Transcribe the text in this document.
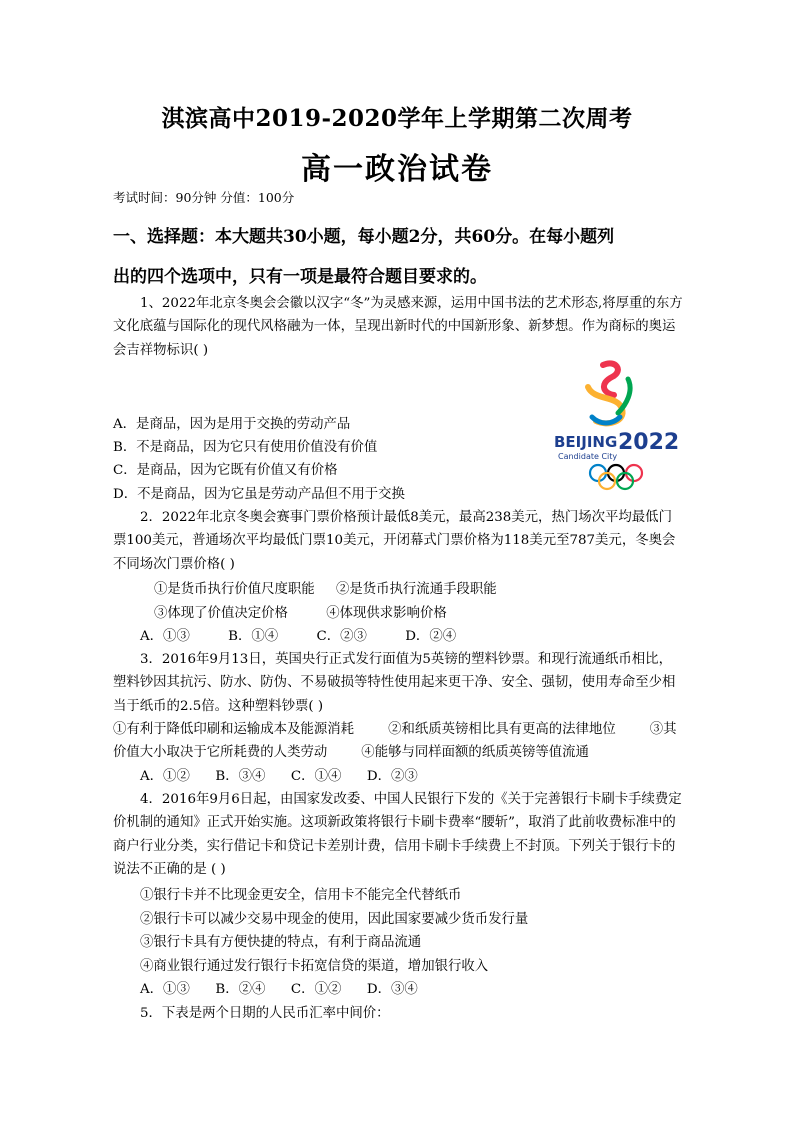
淇滨高中2019-2020学年上学期第二次周考
高一政治试卷
考试时间：90分钟 分值：100分
一、选择题：本大题共30小题，每小题2分，共60分。在每小题列
出的四个选项中，只有一项是最符合题目要求的。
1、2022年北京冬奥会会徽以汉字“冬”为灵感来源，运用中国书法的艺术形态,将厚重的东方文化底蕴与国际化的现代风格融为一体，呈现出新时代的中国新形象、新梦想。作为商标的奥运会吉祥物标识( )
A．是商品，因为是用于交换的劳动产品
B．不是商品，因为它只有使用价值没有价值
C．是商品，因为它既有价值又有价格
D．不是商品，因为它虽是劳动产品但不用于交换
BEIJING 2022
Candidate City
2．2022年北京冬奥会赛事门票价格预计最低8美元，最高238美元，热门场次平均最低门票100美元，普通场次平均最低门票10美元，开闭幕式门票价格为118美元至787美元，冬奥会不同场次门票价格( )
①是货币执行价值尺度职能     ②是货币执行流通手段职能
③体现了价值决定价格         ④体现供求影响价格
A．①③         B．①④         C．②③         D．②④
3．2016年9月13日，英国央行正式发行面值为5英镑的塑料钞票。和现行流通纸币相比，塑料钞因其抗污、防水、防伪、不易破损等特性使用起来更干净、安全、强韧，使用寿命至少相当于纸币的2.5倍。这种塑料钞票( )
①有利于降低印刷和运输成本及能源消耗        ②和纸质英镑相比具有更高的法律地位        ③其价值大小取决于它所耗费的人类劳动        ④能够与同样面额的纸质英镑等值流通
A．①②      B．③④      C．①④      D．②③
4．2016年9月6日起，由国家发改委、中国人民银行下发的《关于完善银行卡刷卡手续费定价机制的通知》正式开始实施。这项新政策将银行卡刷卡费率“腰斩”，取消了此前收费标准中的商户行业分类，实行借记卡和贷记卡差别计费，信用卡刷卡手续费上不封顶。下列关于银行卡的说法不正确的是 ( )
①银行卡并不比现金更安全，信用卡不能完全代替纸币
②银行卡可以减少交易中现金的使用，因此国家要减少货币发行量
③银行卡具有方便快捷的特点，有利于商品流通
④商业银行通过发行银行卡拓宽信贷的渠道，增加银行收入
A．①③      B．②④      C．①②      D．③④
5．下表是两个日期的人民币汇率中间价：
